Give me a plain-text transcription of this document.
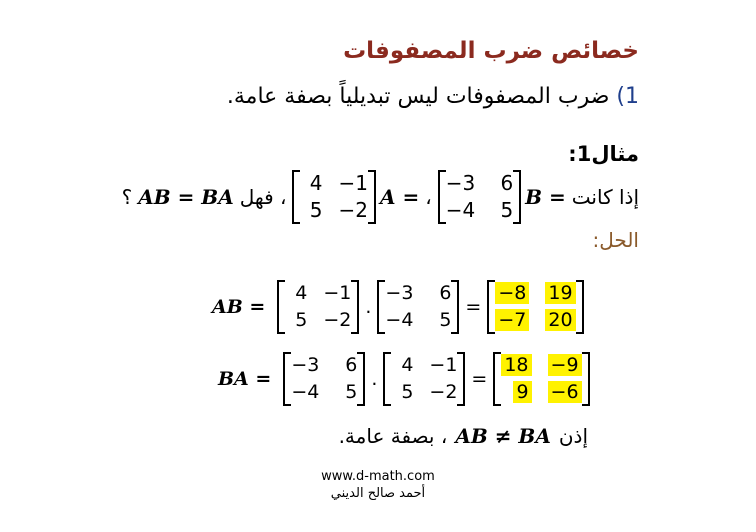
خصائص ضرب المصفوفات
1) ضرب المصفوفات ليس تبديلياً بصفة عامة.
مثال1:
إذا كانت
−3	6
−4	5
B =
،
4 −1
5 −2
A =
، فهل
AB = BA
؟
الحل:
AB =
4 −1
5 −2
.
−3	6
−4	5
=
−8 19
−7 20
BA =
−3	6
−4	5
.
4 −1
5 −2
=
18 −9
9 −6
إذن
AB ≠ BA
، بصفة عامة.
www.d-math.com
أحمد صالح الديني
